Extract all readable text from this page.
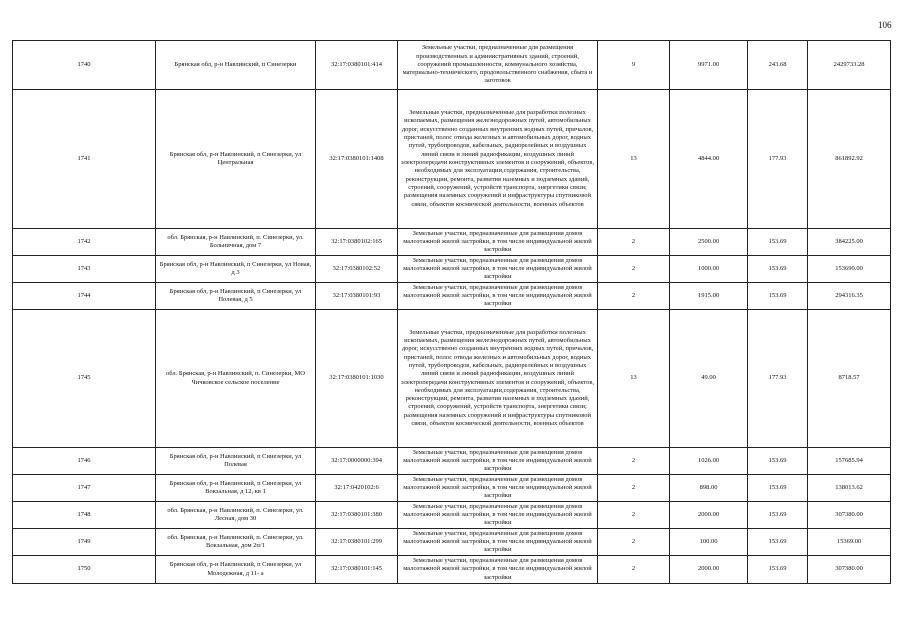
106
1740	Брянская обл, р-н Навлинский, п Синезерки	32:17:0380101:414	Земельные участки, предназначенные для размещения производственных и административных зданий, строений, сооружений промышленности, коммунального хозяйства, материально-технического, продовольственного снабжения, сбыта и заготовок	9	9971.00	243.68	2429733.28
1741	Брянская обл, р-н Навлинский, п Синезерки, ул Центральная	32:17:0380101:1408	Земельные участки, предназначенные для разработки полезных ископаемых, размещения железнодорожных путей, автомобильных дорог, искусственно созданных внутренних водных путей, причалов, пристаней, полос отвода железных и автомобильных дорог, водных путей, трубопроводов, кабельных, радиорелейных и воздушных линий связи и линий радиофикации, воздушных линий электропередачи конструктивных элементов и сооружений, объектов, необходимых для эксплуатации,содержания, строительства, реконструкции, ремонта, развития наземных и подземных зданий, строений, сооружений, устройств транспорта, энергетики связи; размещения наземных сооружений и инфраструктуры спутниковой связи, объектов космической деятельности, военных объектов	13	4844.00	177.93	861892.92
1742	обл. Брянская, р-н Навлинский, п. Синезерки, ул. Больничная, дом 7	32:17:0380102:165	Земельные участки, предназначенные для размещения домов малоэтажной жилой застройки, в том числе индивидуальной жилой застройки	2	2500.00	153.69	384225.00
1743	Брянская обл, р-н Навлинский, п Синезерки, ул Новая, д 3	32:17:0380102:52	Земельные участки, предназначенные для размещения домов малоэтажной жилой застройки, в том числе индивидуальной жилой застройки	2	1000.00	153.69	153690.00
1744	Брянская обл, р-н Навлинский, п Синезерки, ул Полевая, д 5	32:17:0380101:93	Земельные участки, предназначенные для размещения домов малоэтажной жилой застройки, в том числе индивидуальной жилой застройки	2	1915.00	153.69	294316.35
1745	обл. Брянская, р-н Навлинский, п. Синезерки, МО Чичковское сельское поселение	32:17:0380101:1030	Земельные участки, предназначенные для разработки полезных ископаемых, размещения железнодорожных путей, автомобильных дорог, искусственно созданных внутренних водных путей, причалов, пристаней, полос отвода железных и автомобильных дорог, водных путей, трубопроводов, кабельных, радиорелейных и воздушных линий связи и линий радиофикации, воздушных линий электропередачи конструктивных элементов и сооружений, объектов, необходимых для эксплуатации,содержания, строительства, реконструкции, ремонта, развития наземных и подземных зданий, строений, сооружений, устройств транспорта, энергетики связи; размещения наземных сооружений и инфраструктуры спутниковой связи, объектов космической деятельности, военных объектов	13	49.00	177.93	8718.57
1746	Брянская обл, р-н Навлинский, п Синезерки, ул Полевая	32:17:0000000:394	Земельные участки, предназначенные для размещения домов малоэтажной жилой застройки, в том числе индивидуальной жилой застройки	2	1026.00	153.69	157685.94
1747	Брянская обл, р-н Навлинский, п Синезерки, ул Вокзальная, д 12, кв 1	32:17:0420102:6	Земельные участки, предназначенные для размещения домов малоэтажной жилой застройки, в том числе индивидуальной жилой застройки	2	898.00	153.69	138013.62
1748	обл. Брянская, р-н Навлинский, п. Синезерки, ул. Лесная, дом 30	32:17:0380101:380	Земельные участки, предназначенные для размещения домов малоэтажной жилой застройки, в том числе индивидуальной жилой застройки	2	2000.00	153.69	307380.00
1749	обл. Брянская, р-н Навлинский, п. Синезерки, ул. Вокзальная, дом 2п/1	32:17:0380101:299	Земельные участки, предназначенные для размещения домов малоэтажной жилой застройки, в том числе индивидуальной жилой застройки	2	100.00	153.69	15369.00
1750	Брянская обл, р-н Навлинский, п Синезерки, ул Молодежная, д 11- а	32:17:0380101:145	Земельные участки, предназначенные для размещения домов малоэтажной жилой застройки, в том числе индивидуальной жилой застройки	2	2000.00	153.69	307380.00
